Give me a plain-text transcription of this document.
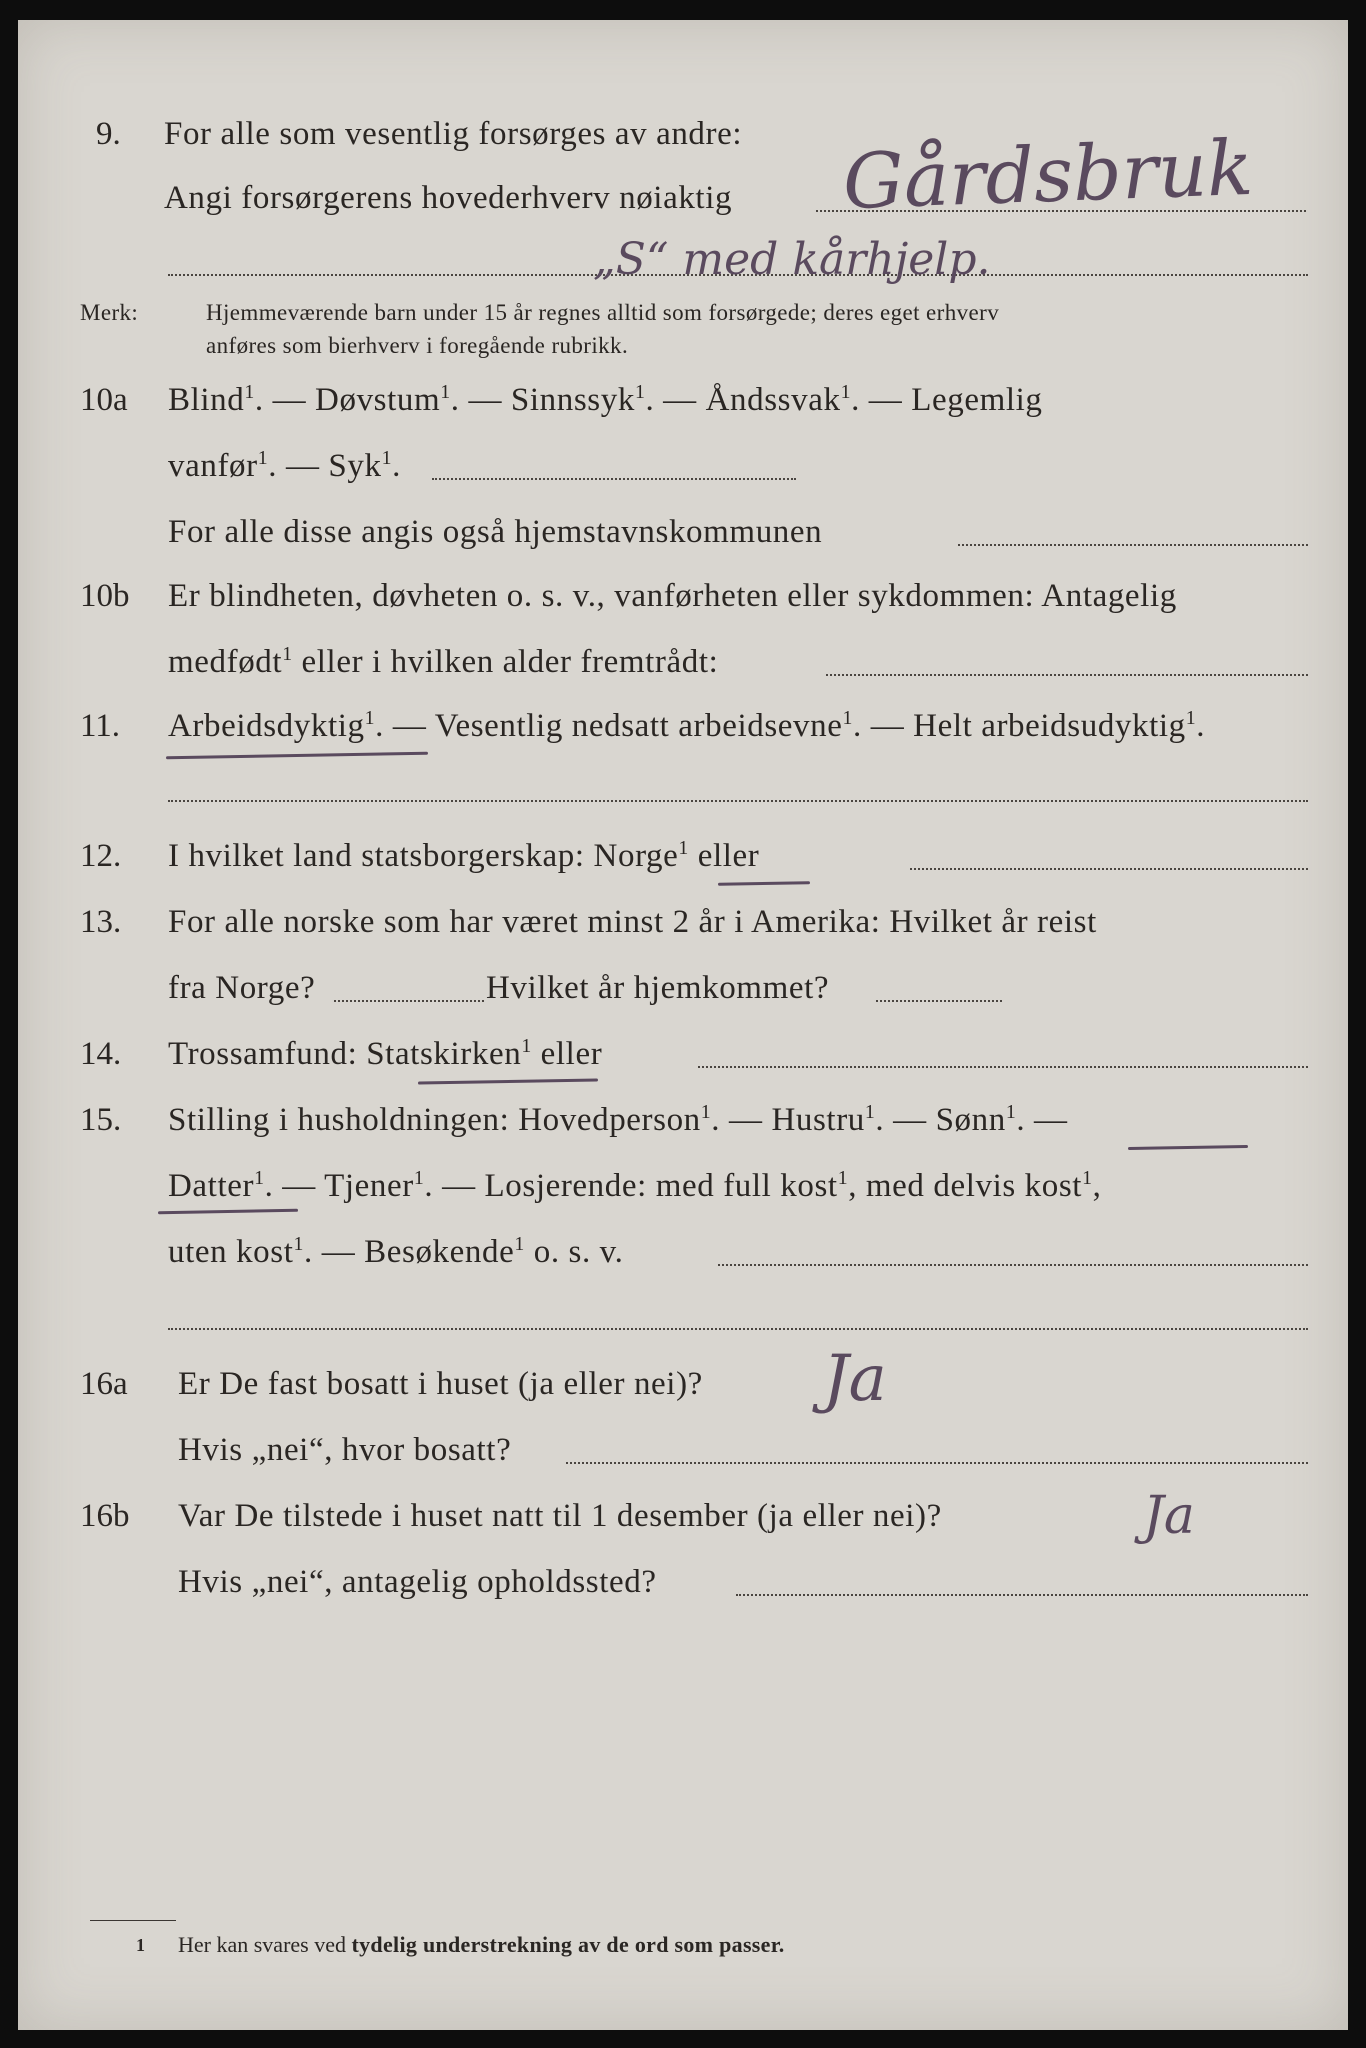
9. For alle som vesentlig forsørges av andre:
Angi forsørgerens hovederhverv nøiaktig Gårdsbruk
„S“ med kårhjelp.
Merk:	Hjemmeværende barn under 15 år regnes alltid som forsørgede; deres eget erhverv
anføres som bierhverv i foregående rubrikk.
10a Blind$^1$. — Døvstum$^1$. — Sinnssyk$^1$. — Åndssvak$^1$. — Legemlig
vanfør$^1$. — Syk$^1$.
For alle disse angis også hjemstavnskommunen
10b Er blindheten, døvheten o. s. v., vanførheten eller sykdommen: Antagelig
medfødt$^1$ eller i hvilken alder fremtrådt:
11. Arbeidsdyktig$^1$. — Vesentlig nedsatt arbeidsevne$^1$. — Helt arbeidsudyktig$^1$.
12. I hvilket land statsborgerskap: Norge$^1$ eller
13. For alle norske som har været minst 2 år i Amerika: Hvilket år reist
fra Norge?	Hvilket år hjemkommet?
14. Trossamfund: Statskirken$^1$ eller
15. Stilling i husholdningen: Hovedperson$^1$. — Hustru$^1$. — Sønn$^1$. —
Datter$^1$. — Tjener$^1$. — Losjerende: med full kost$^1$, med delvis kost$^1$,
uten kost$^1$. — Besøkende$^1$ o. s. v.
16a Er De fast bosatt i huset (ja eller nei)? Ja
Hvis „nei“, hvor bosatt?
16b Var De tilstede i huset natt til 1 desember (ja eller nei)?	Ja
Hvis „nei“, antagelig opholdssted?
1 Her kan svares ved tydelig understrekning av de ord som passer.
